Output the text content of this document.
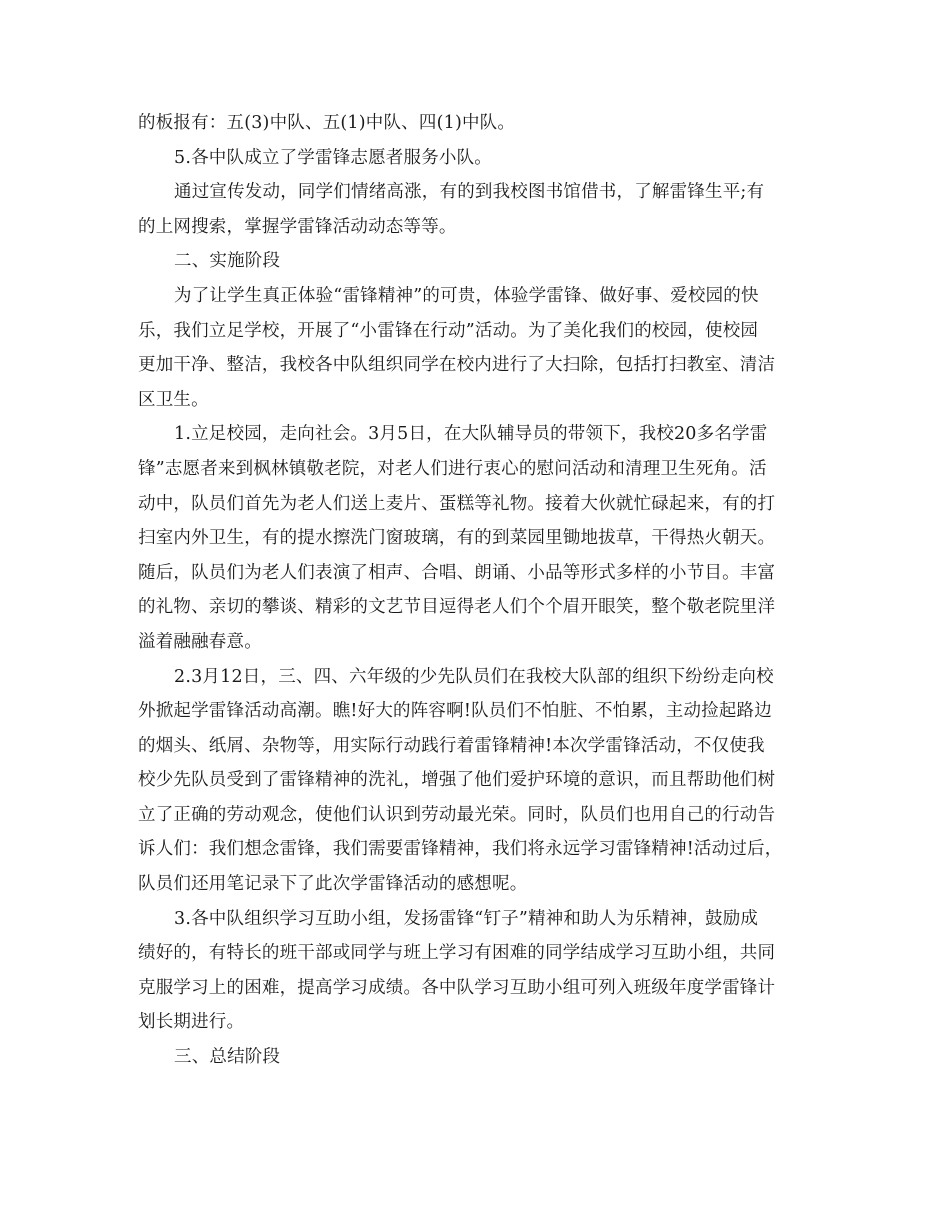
的板报有：五(3)中队、五(1)中队、四(1)中队。
5.各中队成立了学雷锋志愿者服务小队。
通过宣传发动，同学们情绪高涨，有的到我校图书馆借书，了解雷锋生平;有
的上网搜索，掌握学雷锋活动动态等等。
二、实施阶段
为了让学生真正体验“雷锋精神”的可贵，体验学雷锋、做好事、爱校园的快
乐，我们立足学校，开展了“小雷锋在行动”活动。为了美化我们的校园，使校园
更加干净、整洁，我校各中队组织同学在校内进行了大扫除，包括打扫教室、清洁
区卫生。
1.立足校园，走向社会。3月5日，在大队辅导员的带领下，我校20多名学雷
锋”志愿者来到枫林镇敬老院，对老人们进行衷心的慰问活动和清理卫生死角。活
动中，队员们首先为老人们送上麦片、蛋糕等礼物。接着大伙就忙碌起来，有的打
扫室内外卫生，有的提水擦洗门窗玻璃，有的到菜园里锄地拔草，干得热火朝天。
随后，队员们为老人们表演了相声、合唱、朗诵、小品等形式多样的小节目。丰富
的礼物、亲切的攀谈、精彩的文艺节目逗得老人们个个眉开眼笑，整个敬老院里洋
溢着融融春意。
2.3月12日，三、四、六年级的少先队员们在我校大队部的组织下纷纷走向校
外掀起学雷锋活动高潮。瞧!好大的阵容啊!队员们不怕脏、不怕累，主动捡起路边
的烟头、纸屑、杂物等，用实际行动践行着雷锋精神!本次学雷锋活动，不仅使我
校少先队员受到了雷锋精神的洗礼，增强了他们爱护环境的意识，而且帮助他们树
立了正确的劳动观念，使他们认识到劳动最光荣。同时，队员们也用自己的行动告
诉人们：我们想念雷锋，我们需要雷锋精神，我们将永远学习雷锋精神!活动过后，
队员们还用笔记录下了此次学雷锋活动的感想呢。
3.各中队组织学习互助小组，发扬雷锋“钉子”精神和助人为乐精神，鼓励成
绩好的，有特长的班干部或同学与班上学习有困难的同学结成学习互助小组，共同
克服学习上的困难，提高学习成绩。各中队学习互助小组可列入班级年度学雷锋计
划长期进行。
三、总结阶段
